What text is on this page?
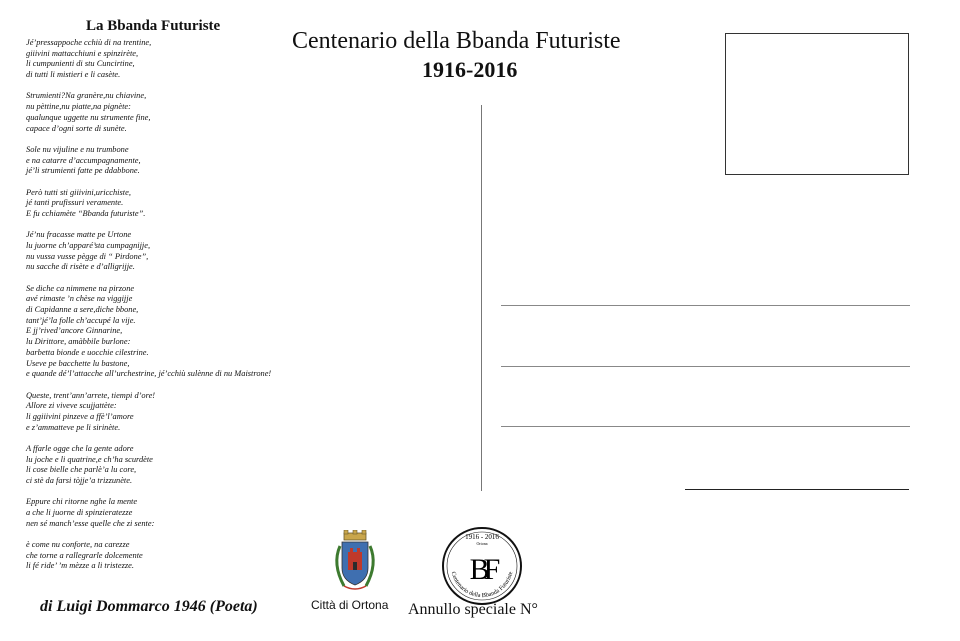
La Bbanda Futuriste
Jé’pressappoche cchiù di na trentine,
giiivini mattacchiuni e spinzirète,
li cumpunienti di stu Cuncirtine,
di tutti li mistieri e li casète.
Strumienti?Na granère,nu chiavine,
nu pèttine,nu piatte,na pignète:
qualunque uggette nu strumente fine,
capace d’ogni sorte di sunète.
Sole nu vijuline e nu trumbone
e na catarre d’accumpagnamente,
jé’li strumienti fatte pe ddabbone.
Però tutti sti giiivini,uricchiste,
jé tanti prufissuri veramente.
E fu cchiamète “Bbanda futuriste”.
Jé’nu fracasse matte pe Urtone
lu juorne ch’apparé’sta cumpagnijje,
nu vussa vusse pègge di “ Pirdone”,
nu sacche di risète e d’alligrijje.
Se diche ca nimmene na pirzone
avé rimaste ’n chèse na viggijje
di Capidanne a sere,diche bbone,
tant’jé’la folle ch’accupé la vije.
E jj’rived’ancore Ginnarine,
lu Dirittore, amàbbile burlone:
barbetta bionde e uocchie cilestrine.
Useve pe bacchette lu bastone,
e quande dé’l’attacche all’urchestrine, jé’cchiù sulènne di nu Maistrone!
Queste, trent’ann’arrete, tiempi d’ore!
Allore zi viveve scujjattète:
li ggiiivini pinzeve a ffè’l’amore
e z’ammatteve pe li sirinète.
A ffarle ogge che la gente adore
lu joche e li quatrine,e ch’ha scurdète
li cose bielle che parlè’a lu core,
ci stè da farsi tòjje’a trizzunète.
Eppure chi ritorne nghe la mente
a che li juorne di spinzieratezze
nen sé manch’esse quelle che zi sente:
è come nu conforte, na carezze
che torne a rallegrarle dolcemente
li fé ride’ ’m mèzze a li tristezze.
di Luigi Dommarco 1946 (Poeta)
Centenario della Bbanda Futuriste
1916-2016
Città di Ortona
1916 - 2016
Ortona
Centenario della Bbanda Futuriste
BF
Annullo speciale N°
